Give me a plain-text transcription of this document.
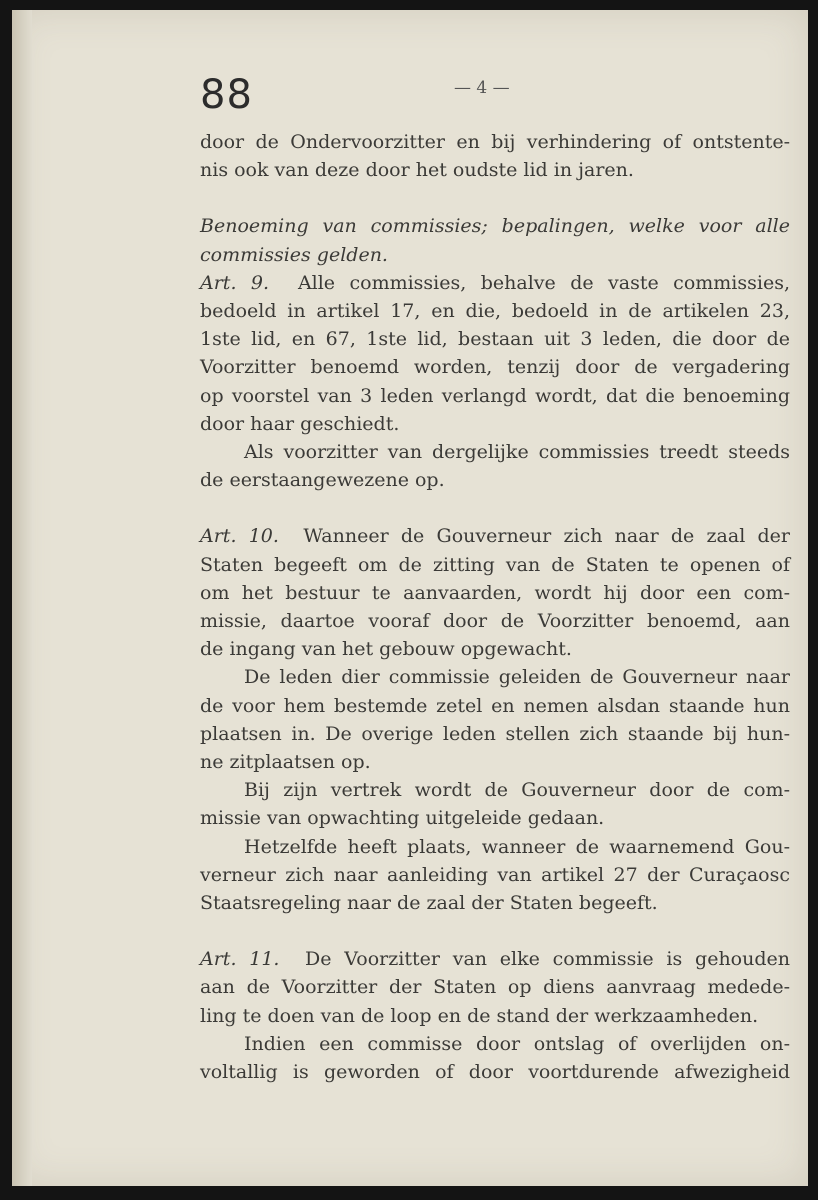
88	— 4 —
door de Ondervoorzitter en bij verhindering of ontstente-
nis ook van deze door het oudste lid in jaren.
Benoeming van commissies; bepalingen, welke voor alle
commissies gelden.
Art. 9. Alle commissies, behalve de vaste commissies,
bedoeld in artikel 17, en die, bedoeld in de artikelen 23,
1ste lid, en 67, 1ste lid, bestaan uit 3 leden, die door de
Voorzitter benoemd worden, tenzij door de vergadering
op voorstel van 3 leden verlangd wordt, dat die benoeming
door haar geschiedt.
Als voorzitter van dergelijke commissies treedt steeds
de eerstaangewezene op.
Art. 10. Wanneer de Gouverneur zich naar de zaal der
Staten begeeft om de zitting van de Staten te openen of
om het bestuur te aanvaarden, wordt hij door een com-
missie, daartoe vooraf door de Voorzitter benoemd, aan
de ingang van het gebouw opgewacht.
De leden dier commissie geleiden de Gouverneur naar
de voor hem bestemde zetel en nemen alsdan staande hun
plaatsen in. De overige leden stellen zich staande bij hun-
ne zitplaatsen op.
Bij zijn vertrek wordt de Gouverneur door de com-
missie van opwachting uitgeleide gedaan.
Hetzelfde heeft plaats, wanneer de waarnemend Gou-
verneur zich naar aanleiding van artikel 27 der Curaçaosc
Staatsregeling naar de zaal der Staten begeeft.
Art. 11. De Voorzitter van elke commissie is gehouden
aan de Voorzitter der Staten op diens aanvraag medede-
ling te doen van de loop en de stand der werkzaamheden.
Indien een commisse door ontslag of overlijden on-
voltallig is geworden of door voortdurende afwezigheid
